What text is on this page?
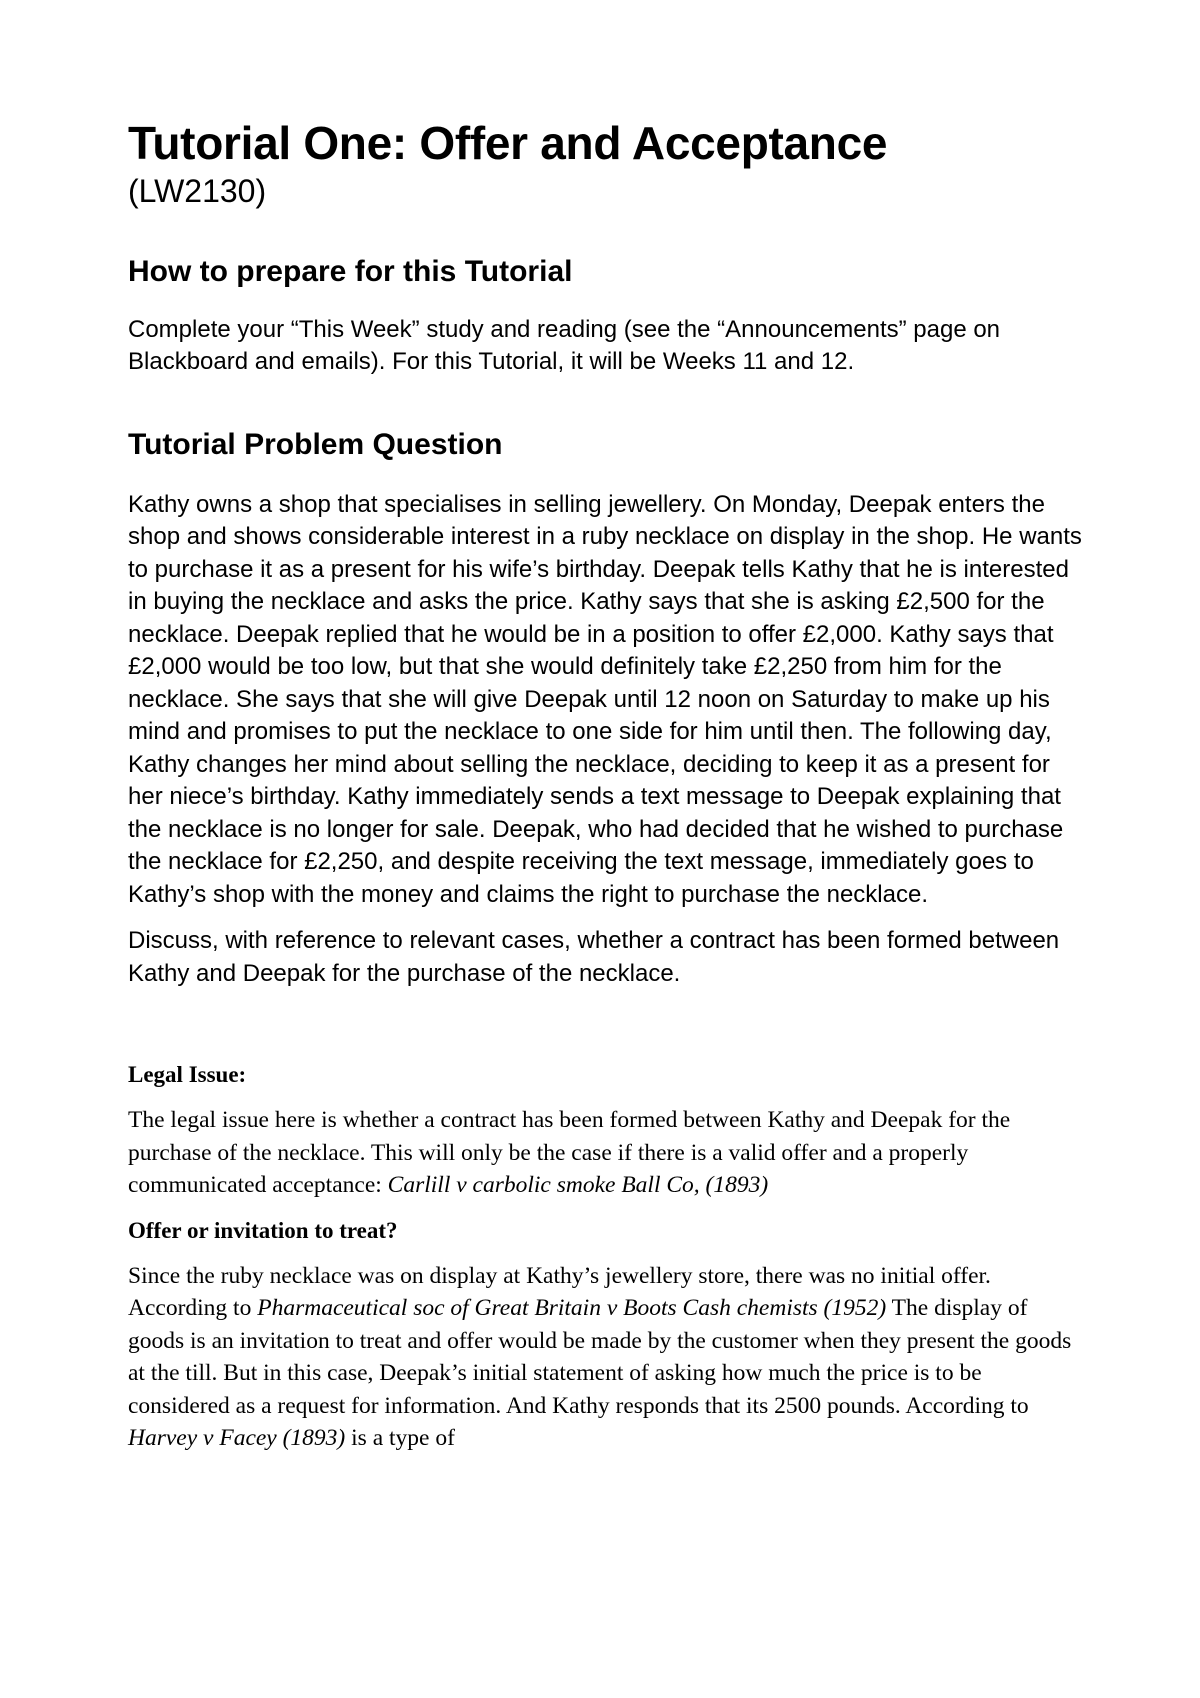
Tutorial One: Offer and Acceptance
(LW2130)
How to prepare for this Tutorial

Complete your “This Week” study and reading (see the “Announcements” page on Blackboard and emails). For this Tutorial, it will be Weeks 11 and 12.

Tutorial Problem Question

Kathy owns a shop that specialises in selling jewellery. On Monday, Deepak enters the shop and shows considerable interest in a ruby necklace on display in the shop. He wants to purchase it as a present for his wife’s birthday. Deepak tells Kathy that he is interested in buying the necklace and asks the price. Kathy says that she is asking £2,500 for the necklace. Deepak replied that he would be in a position to offer £2,000. Kathy says that £2,000 would be too low, but that she would definitely take £2,250 from him for the necklace. She says that she will give Deepak until 12 noon on Saturday to make up his mind and promises to put the necklace to one side for him until then. The following day, Kathy changes her mind about selling the necklace, deciding to keep it as a present for her niece’s birthday. Kathy immediately sends a text message to Deepak explaining that the necklace is no longer for sale. Deepak, who had decided that he wished to purchase the necklace for £2,250, and despite receiving the text message, immediately goes to Kathy’s shop with the money and claims the right to purchase the necklace.

Discuss, with reference to relevant cases, whether a contract has been formed between Kathy and Deepak for the purchase of the necklace.

Legal Issue:

The legal issue here is whether a contract has been formed between Kathy and Deepak for the purchase of the necklace. This will only be the case if there is a valid offer and a properly communicated acceptance: Carlill v carbolic smoke Ball Co, (1893)

Offer or invitation to treat?

Since the ruby necklace was on display at Kathy’s jewellery store, there was no initial offer. According to Pharmaceutical soc of Great Britain v Boots Cash chemists (1952) The display of goods is an invitation to treat and offer would be made by the customer when they present the goods at the till. But in this case, Deepak’s initial statement of asking how much the price is to be considered as a request for information. And Kathy responds that its 2500 pounds. According to Harvey v Facey (1893) is a type of
